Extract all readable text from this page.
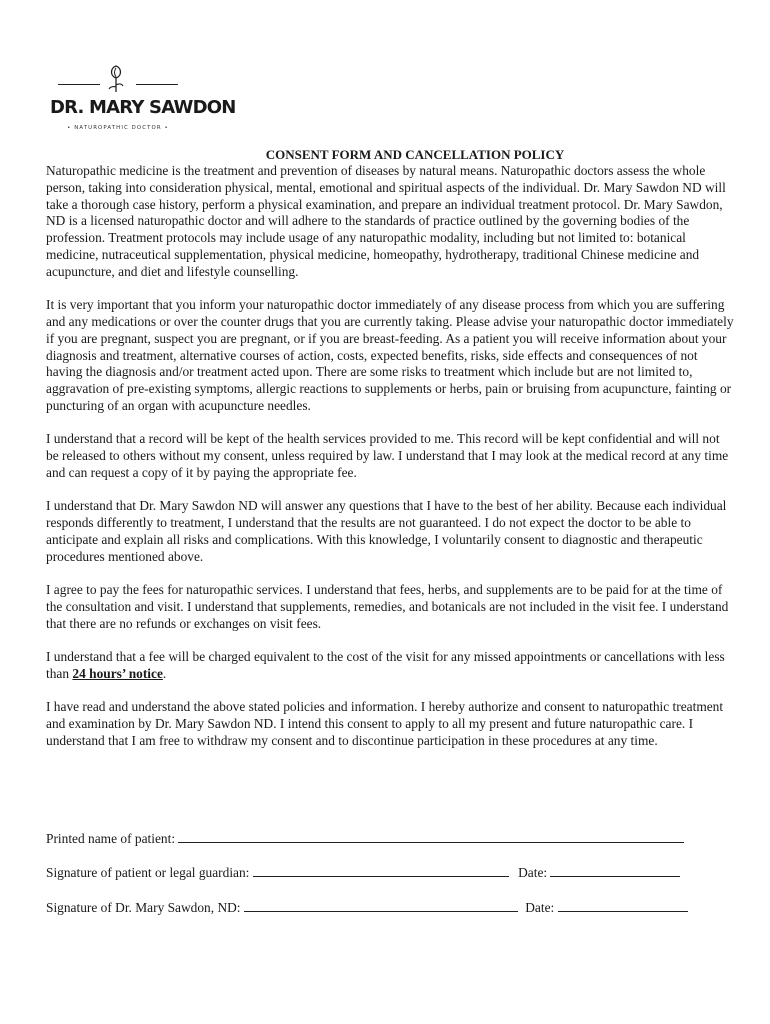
DR. MARY SAWDON
• NATUROPATHIC DOCTOR •
CONSENT FORM AND CANCELLATION POLICY

Naturopathic medicine is the treatment and prevention of diseases by natural means. Naturopathic doctors assess the whole person, taking into consideration physical, mental, emotional and spiritual aspects of the individual. Dr. Mary Sawdon ND will take a thorough case history, perform a physical examination, and prepare an individual treatment protocol. Dr. Mary Sawdon, ND is a licensed naturopathic doctor and will adhere to the standards of practice outlined by the governing bodies of the profession. Treatment protocols may include usage of any naturopathic modality, including but not limited to: botanical medicine, nutraceutical supplementation, physical medicine, homeopathy, hydrotherapy, traditional Chinese medicine and acupuncture, and diet and lifestyle counselling.

It is very important that you inform your naturopathic doctor immediately of any disease process from which you are suffering and any medications or over the counter drugs that you are currently taking. Please advise your naturopathic doctor immediately if you are pregnant, suspect you are pregnant, or if you are breast-feeding. As a patient you will receive information about your diagnosis and treatment, alternative courses of action, costs, expected benefits, risks, side effects and consequences of not having the diagnosis and/or treatment acted upon. There are some risks to treatment which include but are not limited to, aggravation of pre-existing symptoms, allergic reactions to supplements or herbs, pain or bruising from acupuncture, fainting or puncturing of an organ with acupuncture needles.

I understand that a record will be kept of the health services provided to me. This record will be kept confidential and will not be released to others without my consent, unless required by law. I understand that I may look at the medical record at any time and can request a copy of it by paying the appropriate fee.

I understand that Dr. Mary Sawdon ND will answer any questions that I have to the best of her ability. Because each individual responds differently to treatment, I understand that the results are not guaranteed. I do not expect the doctor to be able to anticipate and explain all risks and complications. With this knowledge, I voluntarily consent to diagnostic and therapeutic procedures mentioned above.

I agree to pay the fees for naturopathic services. I understand that fees, herbs, and supplements are to be paid for at the time of the consultation and visit. I understand that supplements, remedies, and botanicals are not included in the visit fee. I understand that there are no refunds or exchanges on visit fees.

I understand that a fee will be charged equivalent to the cost of the visit for any missed appointments or cancellations with less than 24 hours’ notice.

I have read and understand the above stated policies and information. I hereby authorize and consent to naturopathic treatment and examination by Dr. Mary Sawdon ND. I intend this consent to apply to all my present and future naturopathic care. I understand that I am free to withdraw my consent and to discontinue participation in these procedures at any time.

Printed name of patient:
Signature of patient or legal guardian:	Date:
Signature of Dr. Mary Sawdon, ND:	Date:
